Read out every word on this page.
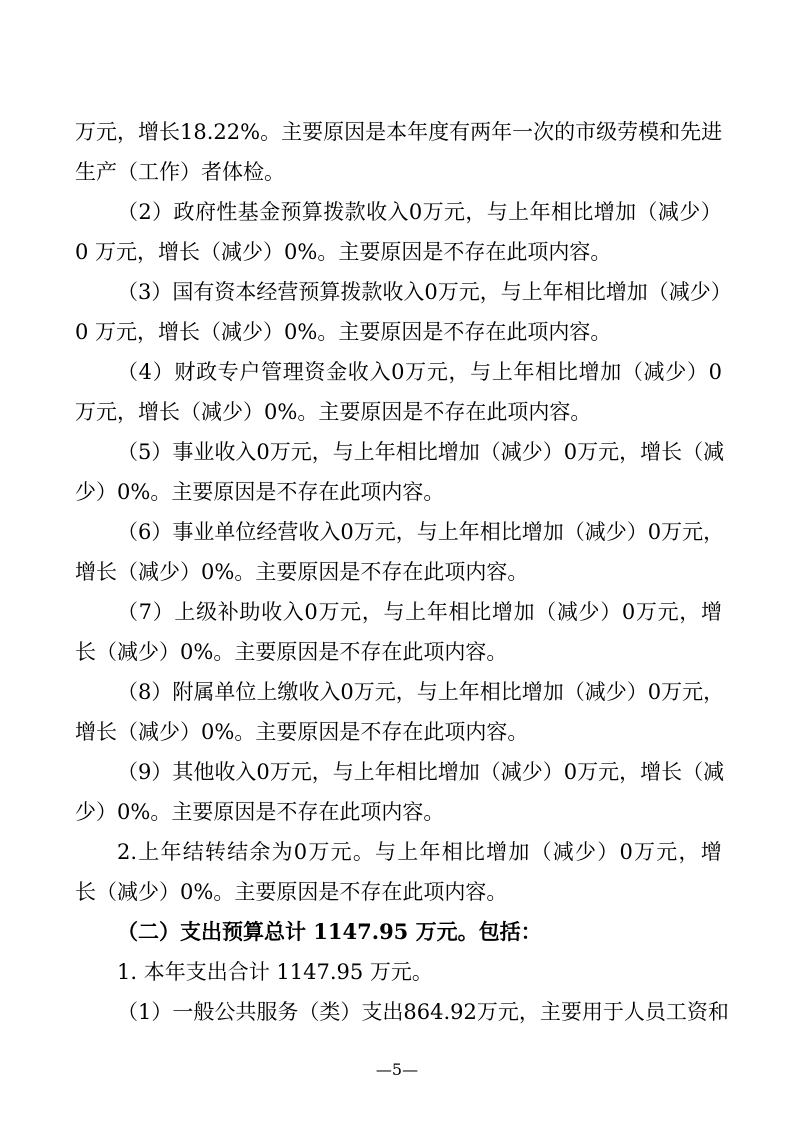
万 元 ， 增 长 18.22% 。 主 要 原 因 是 本 年 度 有 两 年 一 次 的 市 级 劳 模 和 先 进
生产（工作）者体检。
（ 2 ） 政 府 性 基 金 预 算 拨 款 收 入 0 万 元 ， 与 上 年 相 比 增 加 （ 减 少 ）
0 万元，增长（减少）0%。主要原因是不存在此项内容。
（ 3 ） 国 有 资 本 经 营 预 算 拨 款 收 入 0 万 元 ， 与 上 年 相 比 增 加 （ 减 少 ）
0 万元，增长（减少）0%。主要原因是不存在此项内容。
（ 4 ） 财 政 专 户 管 理 资 金 收 入 0 万 元 ， 与 上 年 相 比 增 加 （ 减 少 ） 0
万元，增长（减少）0%。主要原因是不存在此项内容。
（ 5 ） 事 业 收 入 0 万 元 ， 与 上 年 相 比 增 加 （ 减 少 ） 0 万 元 ， 增 长 （ 减
少）0%。主要原因是不存在此项内容。
（ 6 ） 事 业 单 位 经 营 收 入 0 万 元 ， 与 上 年 相 比 增 加 （ 减 少 ） 0 万 元 ，
增长（减少）0%。主要原因是不存在此项内容。
（ 7 ） 上 级 补 助 收 入 0 万 元 ， 与 上 年 相 比 增 加 （ 减 少 ） 0 万 元 ， 增
长（减少）0%。主要原因是不存在此项内容。
（ 8 ） 附 属 单 位 上 缴 收 入 0 万 元 ， 与 上 年 相 比 增 加 （ 减 少 ） 0 万 元 ，
增长（减少）0%。主要原因是不存在此项内容。
（ 9 ） 其 他 收 入 0 万 元 ， 与 上 年 相 比 增 加 （ 减 少 ） 0 万 元 ， 增 长 （ 减
少）0%。主要原因是不存在此项内容。
2. 上 年 结 转 结 余 为 0 万 元 。 与 上 年 相 比 增 加 （ 减 少 ） 0 万 元 ， 增
长（减少）0%。主要原因是不存在此项内容。
（二）支出预算总计 1147.95 万元。包括：
1. 本年支出合计 1147.95 万元。
（ 1 ） 一 般 公 共 服 务 （ 类 ） 支 出 864.92 万 元 ， 主 要 用 于 人 员 工 资 和
—5—
